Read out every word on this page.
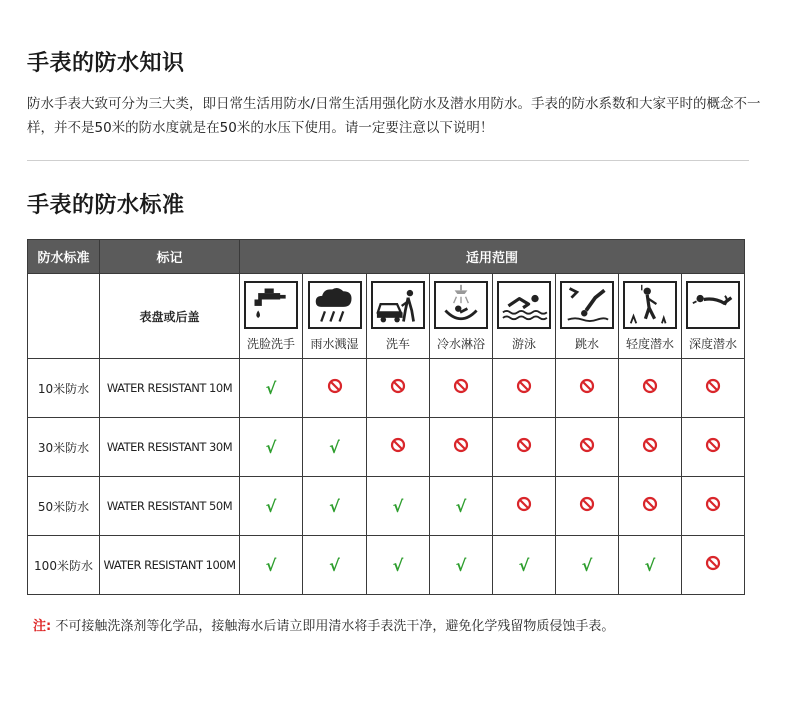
手表的防水知识

防水手表大致可分为三大类，即日常生活用防水/日常生活用强化防水及潜水用防水。手表的防水系数和大家平时的概念不一样，并不是50米的防水度就是在50米的水压下使用。请一定要注意以下说明！

手表的防水标准
防水标准	标记	适用范围							
	表盘或后盖	洗脸洗手	雨水溅湿	洗车	冷水淋浴	游泳	跳水	轻度潜水	深度潜水

10米防水	WATER RESISTANT 10M	√							
30米防水	WATER RESISTANT 30M	√	√						
50米防水	WATER RESISTANT 50M	√	√	√	√				
100米防水	WATER RESISTANT 100M	√	√	√	√	√	√	√	

注: 不可接触洗涤剂等化学品，接触海水后请立即用清水将手表洗干净，避免化学残留物质侵蚀手表。
